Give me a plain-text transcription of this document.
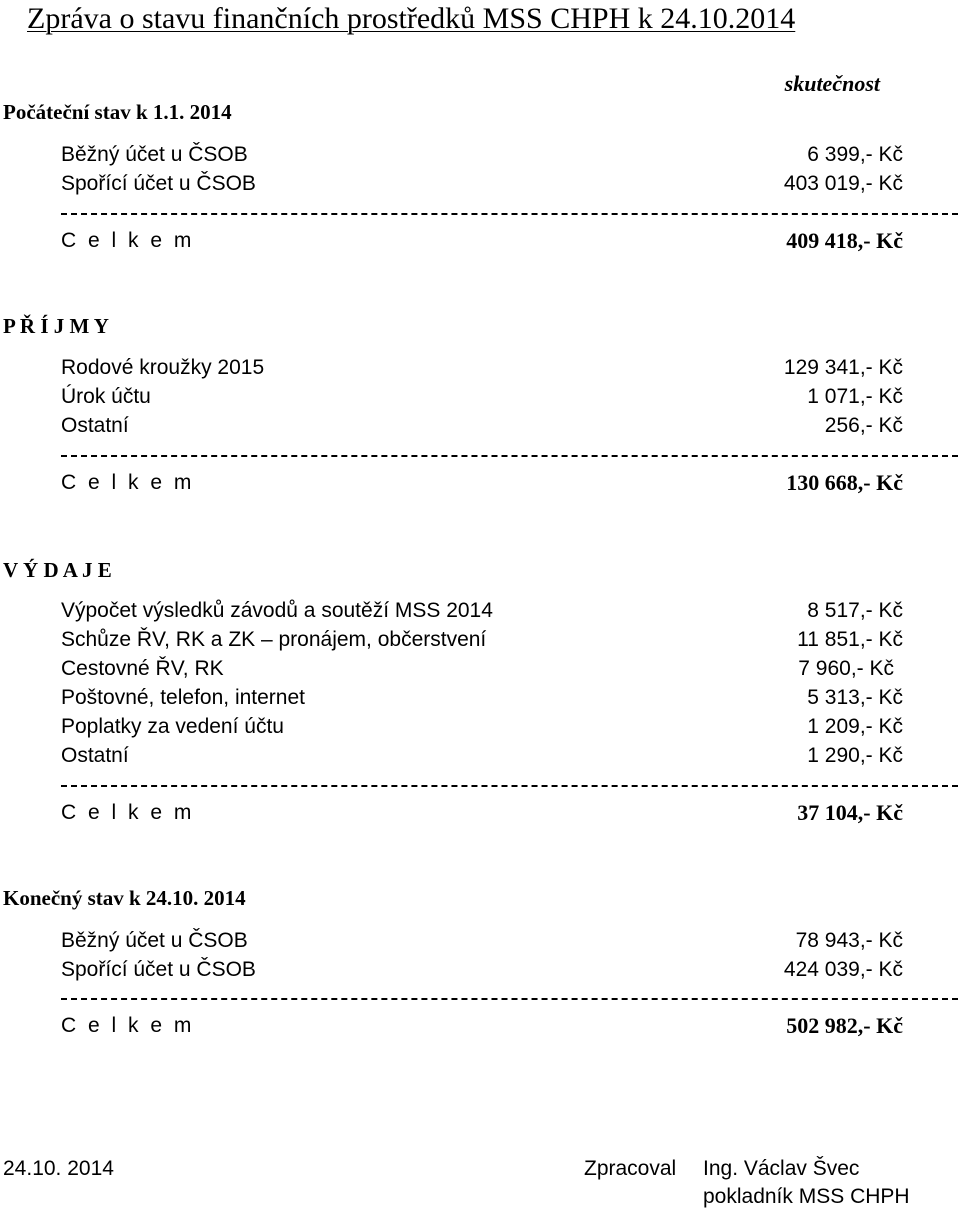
Zpráva o stavu finančních prostředků MSS CHPH k 24.10.2014
skutečnost
Počáteční stav k 1.1. 2014
Běžný účet u ČSOB	6 399,- Kč
Spořící účet u ČSOB	403 019,- Kč
C e l k e m	409 418,- Kč
P Ř Í J M Y
Rodové kroužky 2015	129 341,- Kč
Úrok účtu	1 071,- Kč
Ostatní	256,- Kč
C e l k e m	130 668,- Kč
V Ý D A J E
Výpočet výsledků závodů a soutěží MSS 2014	8 517,- Kč
Schůze ŘV, RK a ZK – pronájem, občerstvení	11 851,- Kč
Cestovné ŘV, RK	7 960,- Kč
Poštovné, telefon, internet	5 313,- Kč
Poplatky za vedení účtu	1 209,- Kč
Ostatní	1 290,- Kč
C e l k e m	37 104,- Kč
Konečný stav k 24.10. 2014
Běžný účet u ČSOB	78 943,- Kč
Spořící účet u ČSOB	424 039,- Kč
C e l k e m	502 982,- Kč
24.10. 2014	Zpracoval Ing. Václav Švec
pokladník MSS CHPH
